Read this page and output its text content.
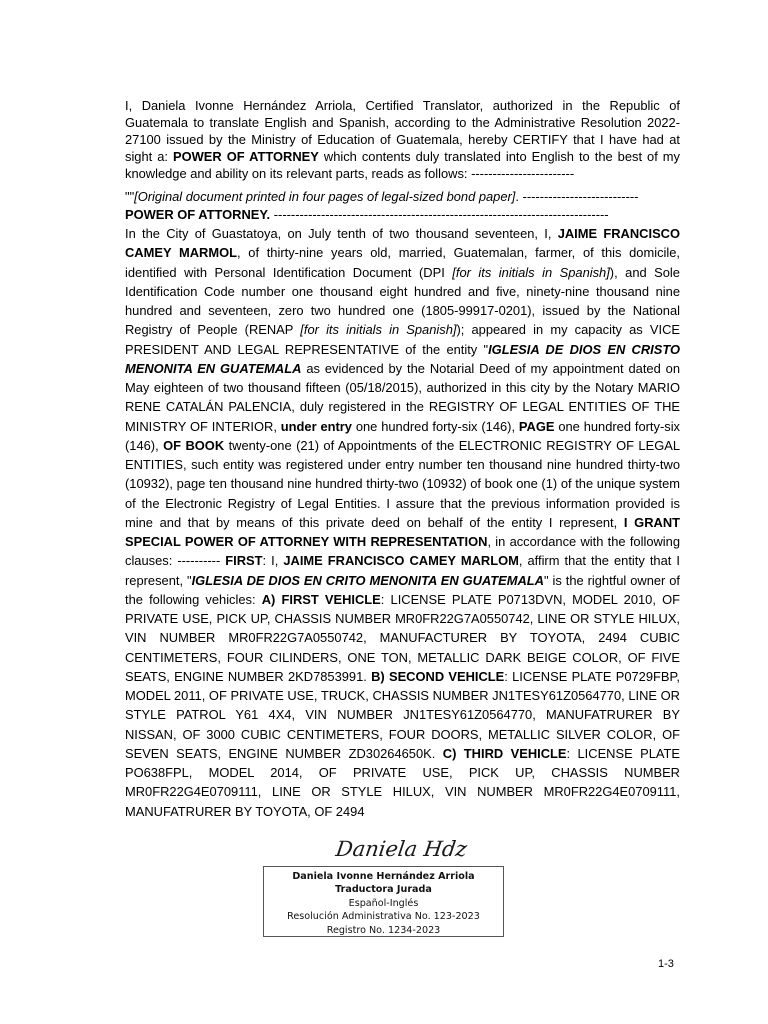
I, Daniela Ivonne Hernández Arriola, Certified Translator, authorized in the Republic of Guatemala to translate English and Spanish, according to the Administrative Resolution 2022-27100 issued by the Ministry of Education of Guatemala, hereby CERTIFY that I have had at sight a: POWER OF ATTORNEY which contents duly translated into English to the best of my knowledge and ability on its relevant parts, reads as follows: ------------------------

""[Original document printed in four pages of legal-sized bond paper]. ---------------------------

POWER OF ATTORNEY. ------------------------------------------------------------------------------

In the City of Guastatoya, on July tenth of two thousand seventeen, I, JAIME FRANCISCO CAMEY MARMOL, of thirty-nine years old, married, Guatemalan, farmer, of this domicile, identified with Personal Identification Document (DPI [for its initials in Spanish]), and Sole Identification Code number one thousand eight hundred and five, ninety-nine thousand nine hundred and seventeen, zero two hundred one (1805-99917-0201), issued by the National Registry of People (RENAP [for its initials in Spanish]); appeared in my capacity as VICE PRESIDENT AND LEGAL REPRESENTATIVE of the entity "IGLESIA DE DIOS EN CRISTO MENONITA EN GUATEMALA as evidenced by the Notarial Deed of my appointment dated on May eighteen of two thousand fifteen (05/18/2015), authorized in this city by the Notary MARIO RENE CATALÁN PALENCIA, duly registered in the REGISTRY OF LEGAL ENTITIES OF THE MINISTRY OF INTERIOR, under entry one hundred forty-six (146), PAGE one hundred forty-six (146), OF BOOK twenty-one (21) of Appointments of the ELECTRONIC REGISTRY OF LEGAL ENTITIES, such entity was registered under entry number ten thousand nine hundred thirty-two (10932), page ten thousand nine hundred thirty-two (10932) of book one (1) of the unique system of the Electronic Registry of Legal Entities. I assure that the previous information provided is mine and that by means of this private deed on behalf of the entity I represent, I GRANT SPECIAL POWER OF ATTORNEY WITH REPRESENTATION, in accordance with the following clauses: ---------- FIRST: I, JAIME FRANCISCO CAMEY MARLOM, affirm that the entity that I represent, "IGLESIA DE DIOS EN CRITO MENONITA EN GUATEMALA" is the rightful owner of the following vehicles: A) FIRST VEHICLE: LICENSE PLATE P0713DVN, MODEL 2010, OF PRIVATE USE, PICK UP, CHASSIS NUMBER MR0FR22G7A0550742, LINE OR STYLE HILUX, VIN NUMBER MR0FR22G7A0550742, MANUFACTURER BY TOYOTA, 2494 CUBIC CENTIMETERS, FOUR CILINDERS, ONE TON, METALLIC DARK BEIGE COLOR, OF FIVE SEATS, ENGINE NUMBER 2KD7853991. B) SECOND VEHICLE: LICENSE PLATE P0729FBP, MODEL 2011, OF PRIVATE USE, TRUCK, CHASSIS NUMBER JN1TESY61Z0564770, LINE OR STYLE PATROL Y61 4X4, VIN NUMBER JN1TESY61Z0564770, MANUFATRURER BY NISSAN, OF 3000 CUBIC CENTIMETERS, FOUR DOORS, METALLIC SILVER COLOR, OF SEVEN SEATS, ENGINE NUMBER ZD30264650K. C) THIRD VEHICLE: LICENSE PLATE PO638FPL, MODEL 2014, OF PRIVATE USE, PICK UP, CHASSIS NUMBER MR0FR22G4E0709111, LINE OR STYLE HILUX, VIN NUMBER MR0FR22G4E0709111, MANUFATRURER BY TOYOTA, OF 2494

Daniela Hdz
Daniela Ivonne Hernández Arriola
Traductora Jurada
Español-Inglés
Resolución Administrativa No. 123-2023
Registro No. 1234-2023
1-3
